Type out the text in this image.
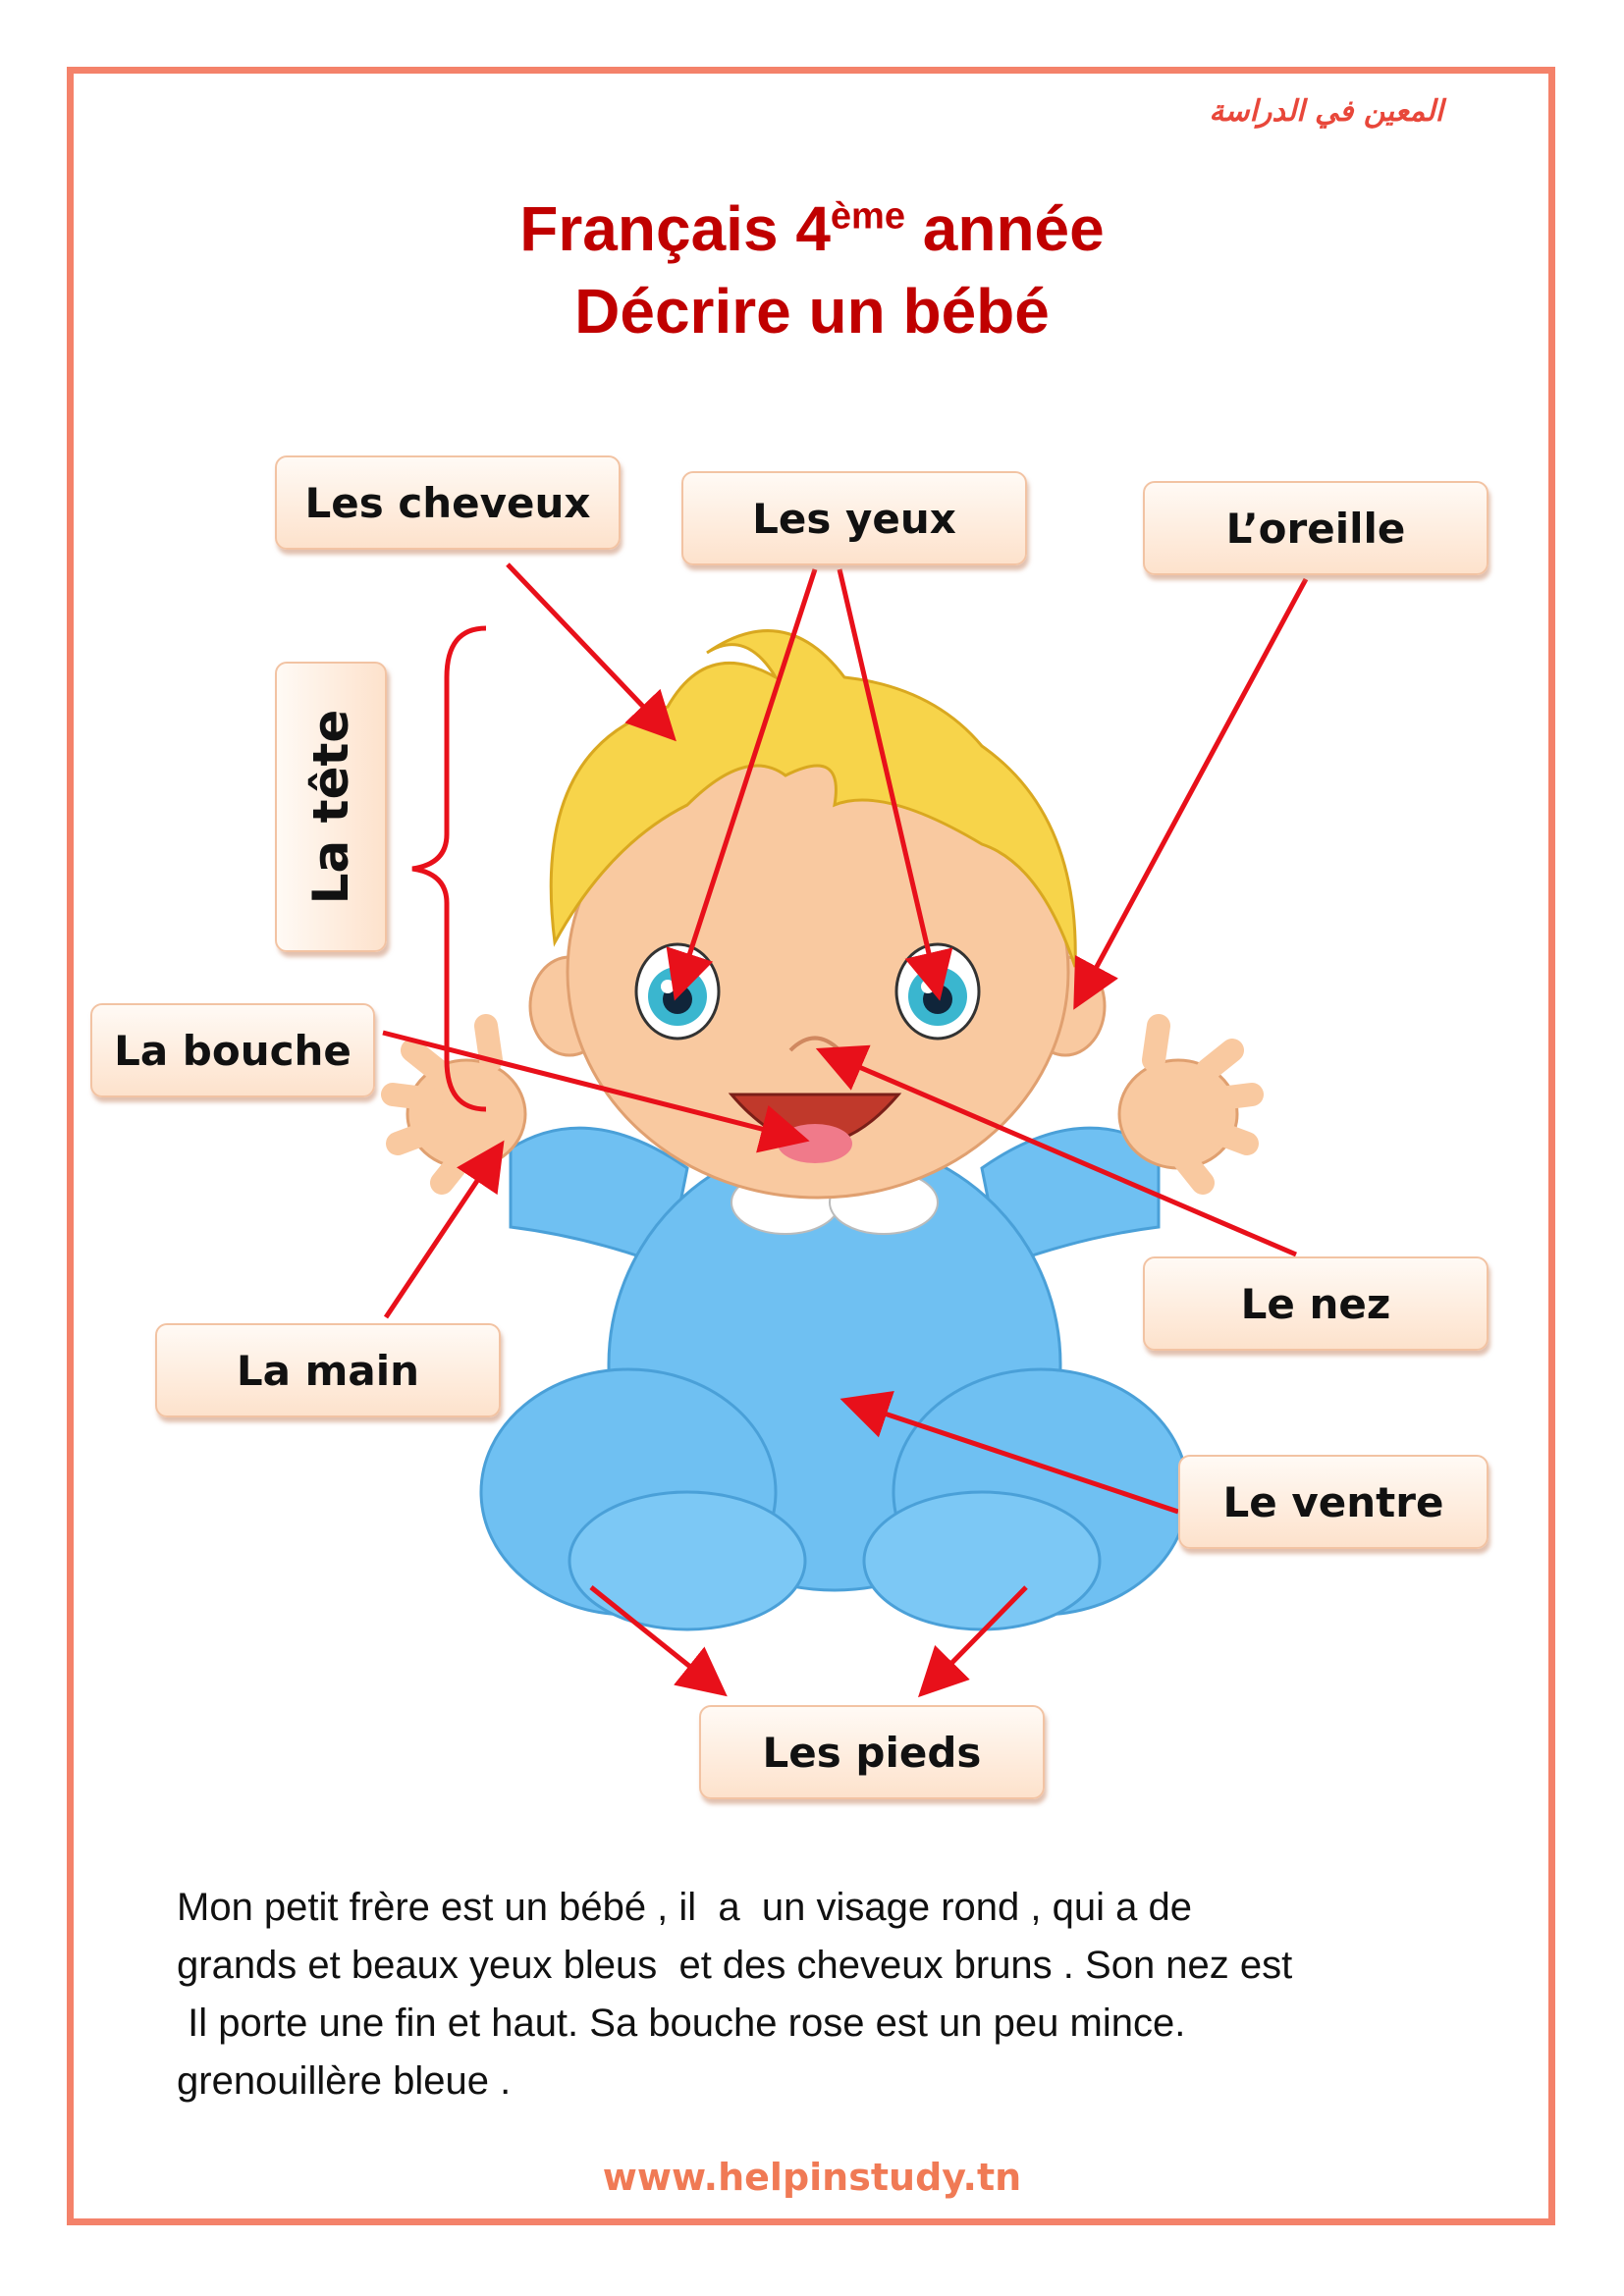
المعين في الدراسة
Français 4ème année
Décrire un bébé
Les cheveux	Les yeux	L’oreille
La tête
La bouche
Le nez
La main
Le ventre
Les pieds
Mon petit frère est un bébé , il  a  un visage rond , qui a de
grands et beaux yeux bleus  et des cheveux bruns . Son nez est
Il porte une fin et haut. Sa bouche rose est un peu mince.
grenouillère bleue .
www.helpinstudy.tn
